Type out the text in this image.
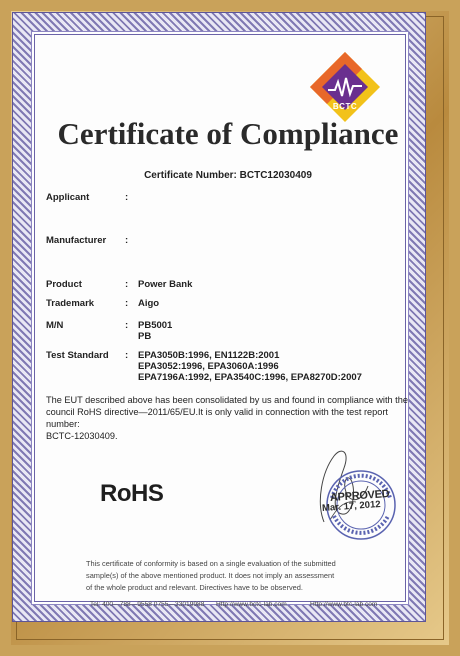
BCTC
Certificate of Compliance
Certificate Number: BCTC12030409
Applicant	:
Manufacturer :
Product	: Power Bank
Trademark	: Aigo
M/N	: PB5001
PB
Test Standard : EPA3050B:1996, EN1122B:2001
EPA3052:1996, EPA3060A:1996
EPA7196A:1992, EPA3540C:1996, EPA8270D:2007
The EUT described above has been consolidated by us and found in compliance with the
council RoHS directive—2011/65/EU.It is only valid in connection with the test report number:
BCTC-12030409.
RoHS	APPROVED
Mar. 17, 2012
This certificate of conformity is based on a single evaluation of the submitted
sample(s) of the above mentioned product. It does not imply an assessment
of the whole product and relevant. Directives have to be observed.
Tel: 400—788—9558 0755—33019988 Http://www.bctc-lab.com	Http://www.btc-lab.com
